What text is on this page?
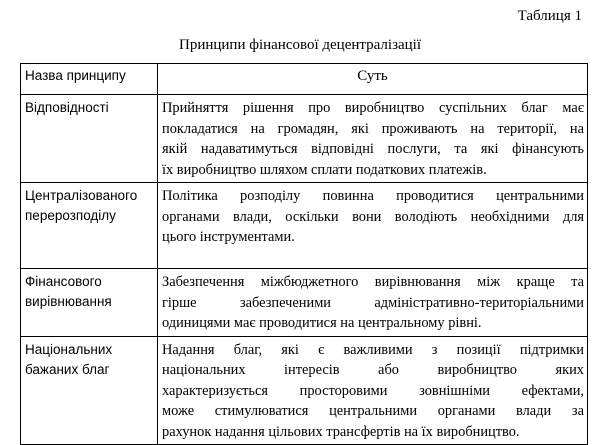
Таблиця 1
Принципи фінансової децентралізації
Назва принципу	Суть

Відповідності	Прийняття рішення про виробництво суспільних благ має
покладатися на громадян, які проживають на території, на
якій надаватимуться відповідні послуги, та які фінансують
їх виробництво шляхом сплати податкових платежів.

Централізованого
перерозподілу	Політика розподілу повинна проводитися центральними
органами влади, оскільки вони володіють необхідними для
цього інструментами.

Фінансового
вирівнювання	Забезпечення міжбюджетного вирівнювання між краще та
гірше забезпеченими адміністративно-територіальними
одиницями має проводитися на центральному рівні.

Національних
бажаних благ	Надання благ, які є важливими з позиції підтримки
національних інтересів або виробництво яких
характеризується просторовими зовнішніми ефектами,
може стимулюватися центральними органами влади за
рахунок надання цільових трансфертів на їх виробництво.
